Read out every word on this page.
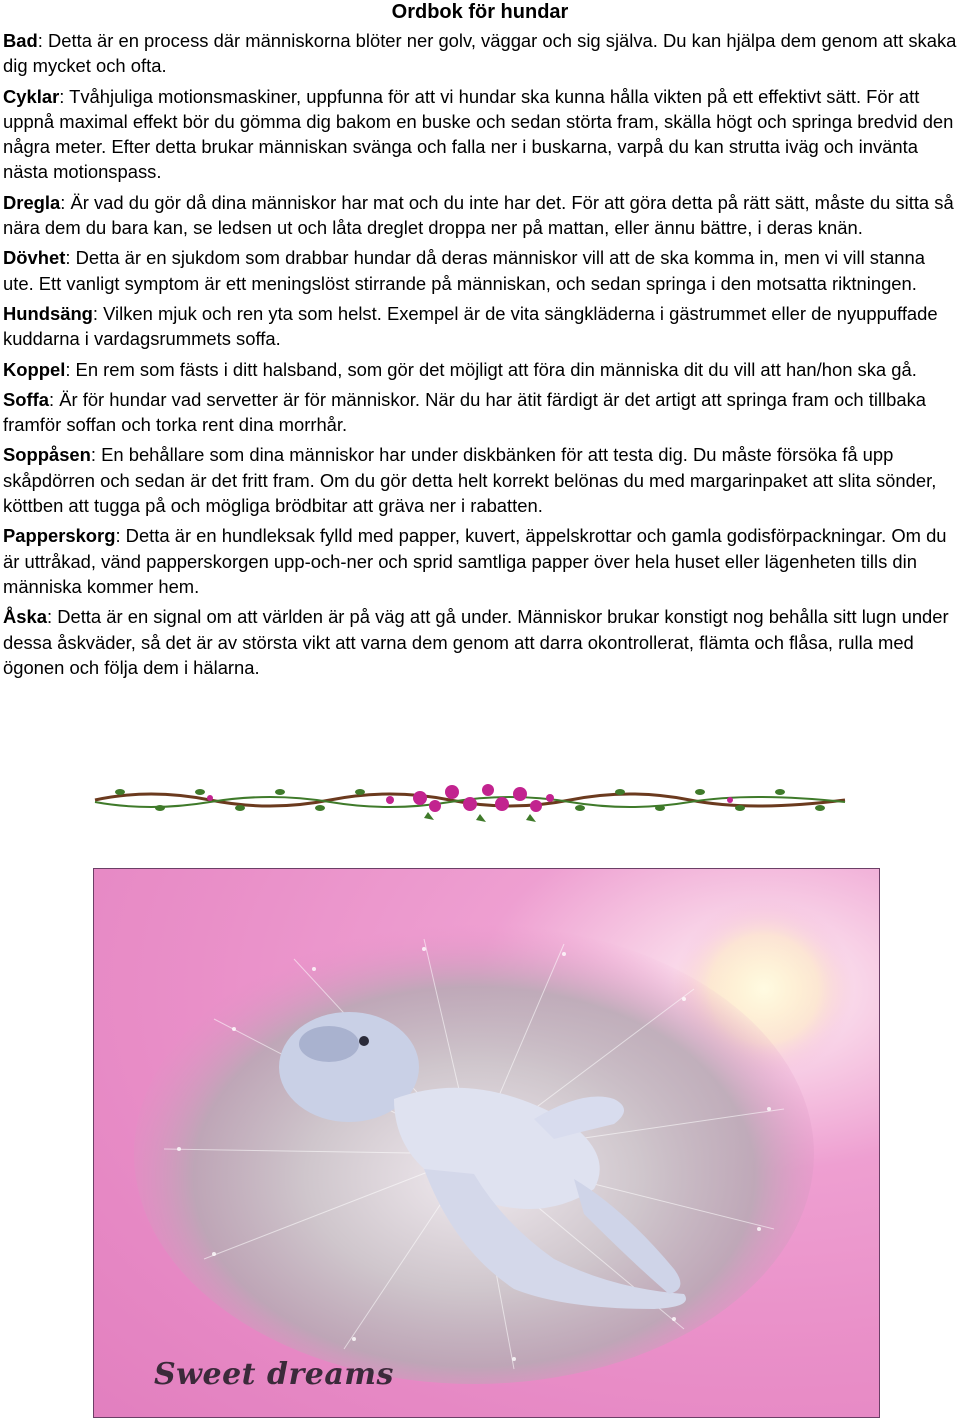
Ordbok för hundar

Bad: Detta är en process där människorna blöter ner golv, väggar och sig själva. Du kan hjälpa dem genom att skaka dig mycket och ofta.

Cyklar: Tvåhjuliga motionsmaskiner, uppfunna för att vi hundar ska kunna hålla vikten på ett effektivt sätt. För att uppnå maximal effekt bör du gömma dig bakom en buske och sedan störta fram, skälla högt och springa bredvid den några meter. Efter detta brukar människan svänga och falla ner i buskarna, varpå du kan strutta iväg och invänta nästa motionspass.

Dregla: Är vad du gör då dina människor har mat och du inte har det. För att göra detta på rätt sätt, måste du sitta så nära dem du bara kan, se ledsen ut och låta dreglet droppa ner på mattan, eller ännu bättre, i deras knän.

Dövhet: Detta är en sjukdom som drabbar hundar då deras människor vill att de ska komma in, men vi vill stanna ute. Ett vanligt symptom är ett meningslöst stirrande på människan, och sedan springa i den motsatta riktningen.

Hundsäng: Vilken mjuk och ren yta som helst. Exempel är de vita sängkläderna i gästrummet eller de nyuppuffade kuddarna i vardagsrummets soffa.

Koppel: En rem som fästs i ditt halsband, som gör det möjligt att föra din människa dit du vill att han/hon ska gå.

Soffa: Är för hundar vad servetter är för människor. När du har ätit färdigt är det artigt att springa fram och tillbaka framför soffan och torka rent dina morrhår.

Soppåsen: En behållare som dina människor har under diskbänken för att testa dig. Du måste försöka få upp skåpdörren och sedan är det fritt fram. Om du gör detta helt korrekt belönas du med margarinpaket att slita sönder, köttben att tugga på och mögliga brödbitar att gräva ner i rabatten.

Papperskorg: Detta är en hundleksak fylld med papper, kuvert, äppelskrottar och gamla godisförpackningar. Om du är uttråkad, vänd papperskorgen upp-och-ner och sprid samtliga papper över hela huset eller lägenheten tills din människa kommer hem.

Åska: Detta är en signal om att världen är på väg att gå under. Människor brukar konstigt nog behålla sitt lugn under dessa åskväder, så det är av största vikt att varna dem genom att darra okontrollerat, flämta och flåsa, rulla med ögonen och följa dem i hälarna.

Sweet dreams
